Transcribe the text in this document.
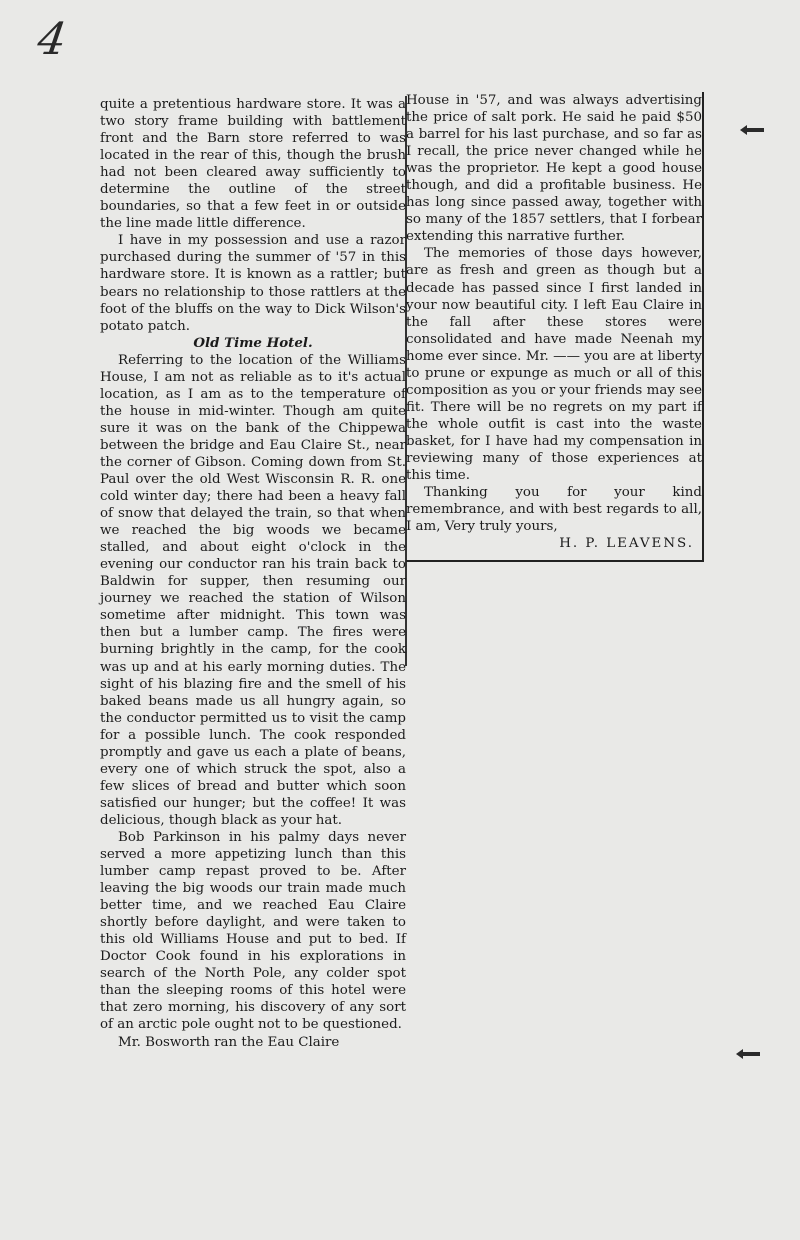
4

quite a pretentious hardware store. It was a two story frame building with battlement front and the Barn store referred to was located in the rear of this, though the brush had not been cleared away sufficiently to determine the outline of the street boundaries, so that a few feet in or outside the line made little difference.

I have in my possession and use a razor purchased during the summer of '57 in this hardware store. It is known as a rattler; but bears no relationship to those rattlers at the foot of the bluffs on the way to Dick Wilson's potato patch.

Old Time Hotel.

Referring to the location of the Williams House, I am not as reliable as to it's actual location, as I am as to the temperature of the house in mid-winter. Though am quite sure it was on the bank of the Chippewa between the bridge and Eau Claire St., near the corner of Gibson. Coming down from St. Paul over the old West Wisconsin R. R. one cold winter day; there had been a heavy fall of snow that delayed the train, so that when we reached the big woods we became stalled, and about eight o'clock in the evening our conductor ran his train back to Baldwin for supper, then resuming our journey we reached the station of Wilson sometime after midnight. This town was then but a lumber camp. The fires were burning brightly in the camp, for the cook was up and at his early morning duties. The sight of his blazing fire and the smell of his baked beans made us all hungry again, so the conductor permitted us to visit the camp for a possible lunch. The cook responded promptly and gave us each a plate of beans, every one of which struck the spot, also a few slices of bread and butter which soon satisfied our hunger; but the coffee! It was delicious, though black as your hat.

Bob Parkinson in his palmy days never served a more appetizing lunch than this lumber camp repast proved to be. After leaving the big woods our train made much better time, and we reached Eau Claire shortly before daylight, and were taken to this old Williams House and put to bed. If Doctor Cook found in his explorations in search of the North Pole, any colder spot than the sleeping rooms of this hotel were that zero morning, his discovery of any sort of an arctic pole ought not to be questioned.

Mr. Bosworth ran the Eau Claire

House in '57, and was always advertising the price of salt pork. He said he paid $50 a barrel for his last purchase, and so far as I recall, the price never changed while he was the proprietor. He kept a good house though, and did a profitable business. He has long since passed away, together with so many of the 1857 settlers, that I forbear extending this narrative further.

The memories of those days however, are as fresh and green as though but a decade has passed since I first landed in your now beautiful city. I left Eau Claire in the fall after these stores were consolidated and have made Neenah my home ever since. Mr. —— you are at liberty to prune or expunge as much or all of this composition as you or your friends may see fit. There will be no regrets on my part if the whole outfit is cast into the waste basket, for I have had my compensation in reviewing many of those experiences at this time.

Thanking you for your kind remembrance, and with best regards to all, I am, Very truly yours,

H. P. LEAVENS.
